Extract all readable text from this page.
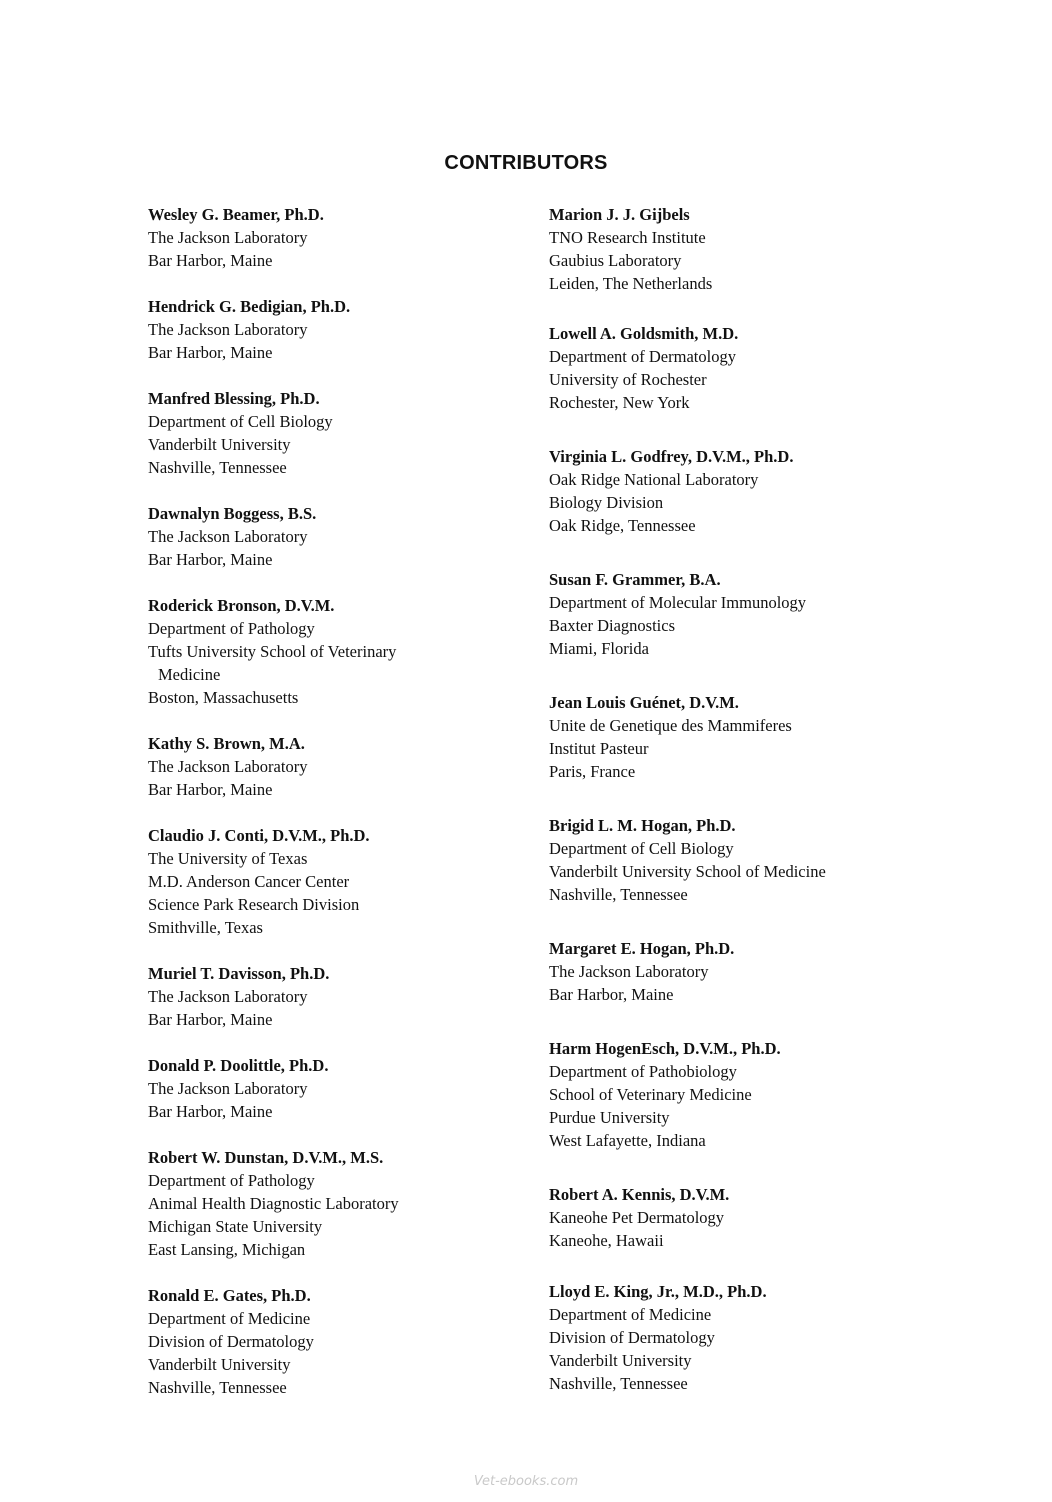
CONTRIBUTORS
Wesley G. Beamer, Ph.D.
The Jackson Laboratory
Bar Harbor, Maine
Hendrick G. Bedigian, Ph.D.
The Jackson Laboratory
Bar Harbor, Maine
Manfred Blessing, Ph.D.
Department of Cell Biology
Vanderbilt University
Nashville, Tennessee
Dawnalyn Boggess, B.S.
The Jackson Laboratory
Bar Harbor, Maine
Roderick Bronson, D.V.M.
Department of Pathology
Tufts University School of Veterinary
Medicine
Boston, Massachusetts
Kathy S. Brown, M.A.
The Jackson Laboratory
Bar Harbor, Maine
Claudio J. Conti, D.V.M., Ph.D.
The University of Texas
M.D. Anderson Cancer Center
Science Park Research Division
Smithville, Texas
Muriel T. Davisson, Ph.D.
The Jackson Laboratory
Bar Harbor, Maine
Donald P. Doolittle, Ph.D.
The Jackson Laboratory
Bar Harbor, Maine
Robert W. Dunstan, D.V.M., M.S.
Department of Pathology
Animal Health Diagnostic Laboratory
Michigan State University
East Lansing, Michigan
Ronald E. Gates, Ph.D.
Department of Medicine
Division of Dermatology
Vanderbilt University
Nashville, Tennessee
Marion J. J. Gijbels
TNO Research Institute
Gaubius Laboratory
Leiden, The Netherlands
Lowell A. Goldsmith, M.D.
Department of Dermatology
University of Rochester
Rochester, New York
Virginia L. Godfrey, D.V.M., Ph.D.
Oak Ridge National Laboratory
Biology Division
Oak Ridge, Tennessee
Susan F. Grammer, B.A.
Department of Molecular Immunology
Baxter Diagnostics
Miami, Florida
Jean Louis Guénet, D.V.M.
Unite de Genetique des Mammiferes
Institut Pasteur
Paris, France
Brigid L. M. Hogan, Ph.D.
Department of Cell Biology
Vanderbilt University School of Medicine
Nashville, Tennessee
Margaret E. Hogan, Ph.D.
The Jackson Laboratory
Bar Harbor, Maine
Harm HogenEsch, D.V.M., Ph.D.
Department of Pathobiology
School of Veterinary Medicine
Purdue University
West Lafayette, Indiana
Robert A. Kennis, D.V.M.
Kaneohe Pet Dermatology
Kaneohe, Hawaii
Lloyd E. King, Jr., M.D., Ph.D.
Department of Medicine
Division of Dermatology
Vanderbilt University
Nashville, Tennessee
Vet-ebooks.com
